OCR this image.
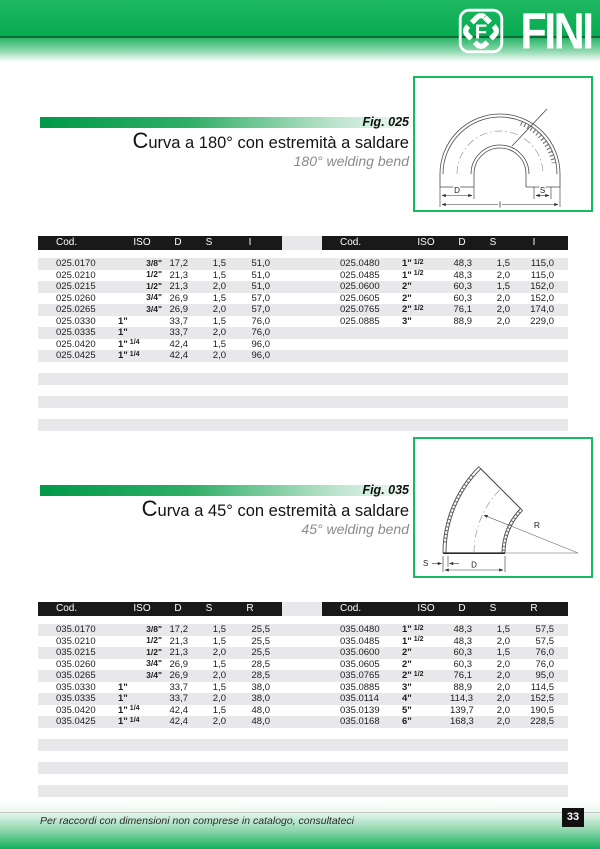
F FINI
Fig. 025
Curva a 180° con estremità a saldare
180° welding bend
D	S
I
Cod.	ISO	D	S	I	Cod.	ISO	D	S	I
025.0170	3/8" 17,2	1,5	51,0	025.0480	1" 1/2	48,3	1,5	115,0
025.0210	1/2" 21,3	1,5	51,0	025.0485	1" 1/2	48,3	2,0	115,0
025.0215	1/2" 21,3	2,0	51,0	025.0600	2"	60,3	1,5	152,0
025.0260	3/4" 26,9	1,5	57,0	025.0605	2"	60,3	2,0	152,0
025.0265	3/4" 26,9	2,0	57,0	025.0765	2" 1/2	76,1	2,0	174,0
025.0330	1"	33,7	1,5	76,0	025.0885	3"	88,9	2,0	229,0
025.0335	1"	33,7	2,0	76,0
025.0420	1" 1/4	42,4	1,5	96,0
025.0425	1" 1/4	42,4	2,0	96,0
Fig. 035
Curva a 45° con estremità a saldare
45° welding bend
D
S
R
Cod.	ISO	D	S	R	Cod.	ISO	D	S	R
035.0170	3/8" 17,2	1,5	25,5	035.0480	1" 1/2	48,3	1,5	57,5
035.0210	1/2" 21,3	1,5	25,5	035.0485	1" 1/2	48,3	2,0	57,5
035.0215	1/2" 21,3	2,0	25,5	035.0600	2"	60,3	1,5	76,0
035.0260	3/4" 26,9	1,5	28,5	035.0605	2"	60,3	2,0	76,0
035.0265	3/4" 26,9	2,0	28,5	035.0765	2" 1/2	76,1	2,0	95,0
035.0330	1"	33,7	1,5	38,0	035.0885	3"	88,9	2,0	114,5
035.0335	1"	33,7	2,0	38,0	035.0114	4"	114,3	2,0	152,5
035.0420	1" 1/4	42,4	1,5	48,0	035.0139	5"	139,7	2,0	190,5
035.0425	1" 1/4	42,4	2,0	48,0	035.0168	6"	168,3	2,0	228,5
Per raccordi con dimensioni non comprese in catalogo, consultateci	33
